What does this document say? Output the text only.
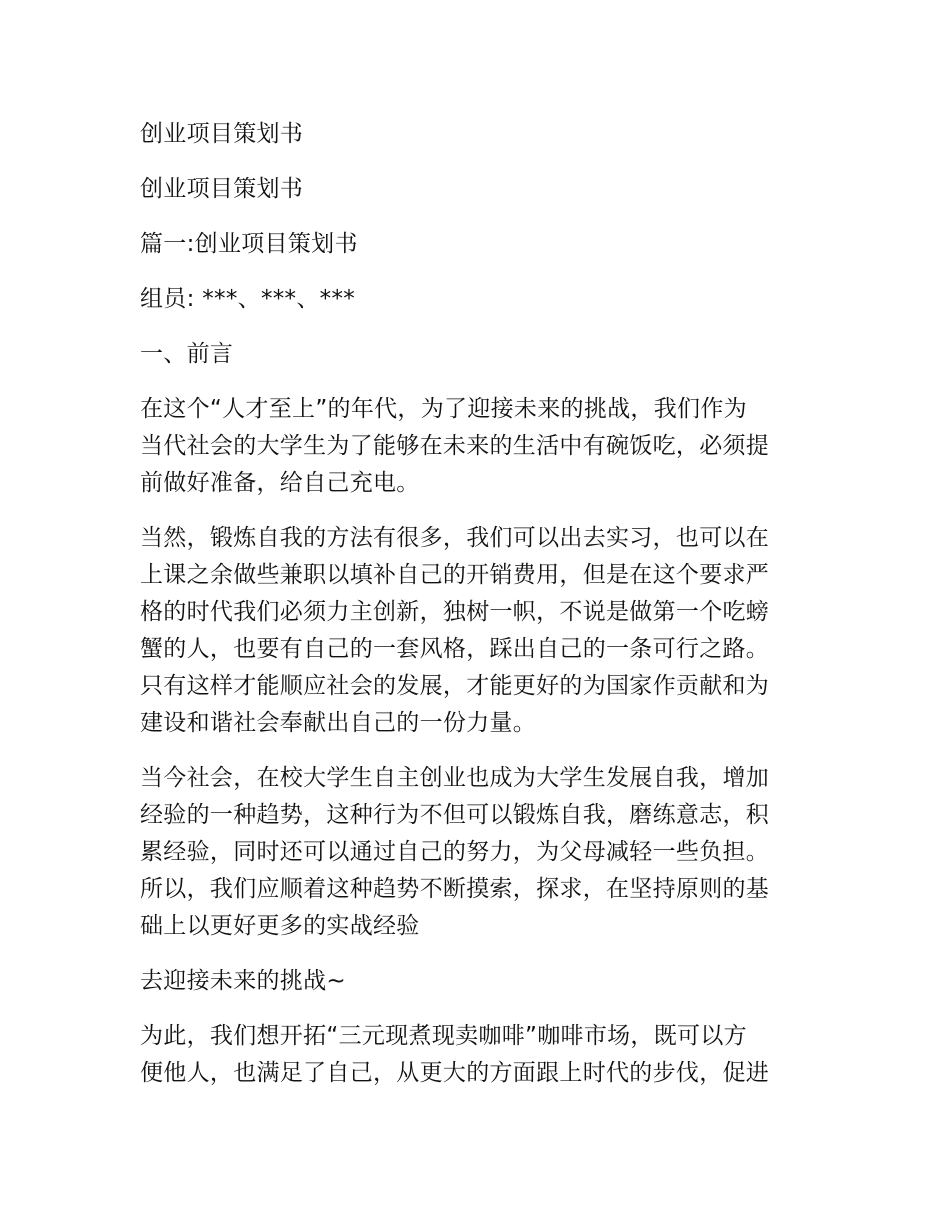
创业项目策划书
创业项目策划书
篇一:创业项目策划书
组员: ***、***、***
一、前言
在这个“人才至上”的年代，为了迎接未来的挑战，我们作为
当代社会的大学生为了能够在未来的生活中有碗饭吃，必须提
前做好准备，给自己充电。
当然，锻炼自我的方法有很多，我们可以出去实习，也可以在
上课之余做些兼职以填补自己的开销费用，但是在这个要求严
格的时代我们必须力主创新，独树一帜，不说是做第一个吃螃
蟹的人，也要有自己的一套风格，踩出自己的一条可行之路。
只有这样才能顺应社会的发展，才能更好的为国家作贡献和为
建设和谐社会奉献出自己的一份力量。
当今社会，在校大学生自主创业也成为大学生发展自我，增加
经验的一种趋势，这种行为不但可以锻炼自我，磨练意志，积
累经验，同时还可以通过自己的努力，为父母减轻一些负担。
所以，我们应顺着这种趋势不断摸索，探求，在坚持原则的基
础上以更好更多的实战经验
去迎接未来的挑战~
为此，我们想开拓“三元现煮现卖咖啡”咖啡市场，既可以方
便他人，也满足了自己，从更大的方面跟上时代的步伐，促进
